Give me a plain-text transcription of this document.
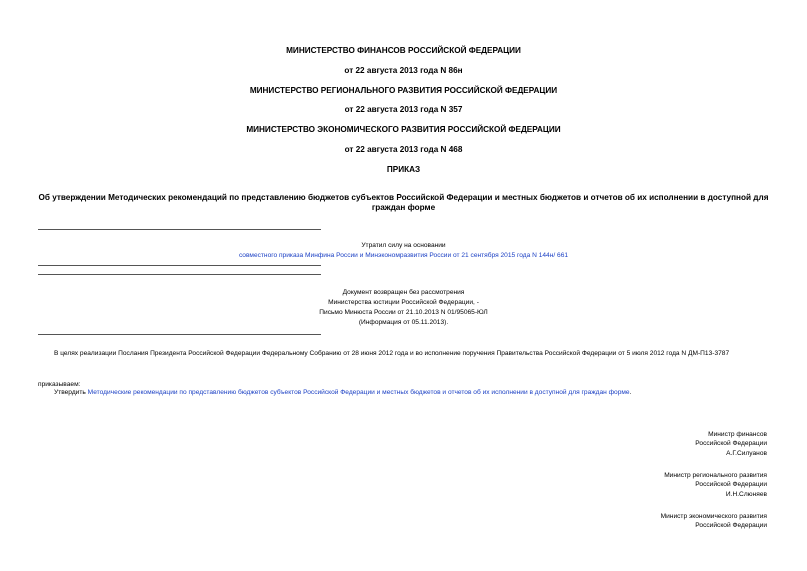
МИНИСТЕРСТВО ФИНАНСОВ РОССИЙСКОЙ ФЕДЕРАЦИИ
от 22 августа 2013 года N 86н
МИНИСТЕРСТВО РЕГИОНАЛЬНОГО РАЗВИТИЯ РОССИЙСКОЙ ФЕДЕРАЦИИ
от 22 августа 2013 года N 357
МИНИСТЕРСТВО ЭКОНОМИЧЕСКОГО РАЗВИТИЯ РОССИЙСКОЙ ФЕДЕРАЦИИ
от 22 августа 2013 года N 468
ПРИКАЗ
Об утверждении Методических рекомендаций по представлению бюджетов субъектов Российской Федерации и местных бюджетов и отчетов об их исполнении в доступной для граждан форме
Утратил силу на основании
совместного приказа Минфина России и Минэкономразвития России от 21 сентября 2015 года N 144н/ 661
Документ возвращен без рассмотрения
Министерства юстиции Российской Федерации, -
Письмо Минюста России от 21.10.2013 N 01/95065-ЮЛ
(Информация от 05.11.2013).
В целях реализации Послания Президента Российской Федерации Федеральному Собранию от 28 июня 2012 года и во исполнение поручения Правительства Российской Федерации от 5 июля 2012 года N ДМ-П13-3787
приказываем:
Утвердить Методические рекомендации по представлению бюджетов субъектов Российской Федерации и местных бюджетов и отчетов об их исполнении в доступной для граждан форме.
Министр финансов
Российской Федерации
А.Г.Силуанов
Министр регионального развития
Российской Федерации
И.Н.Слюняев
Министр экономического развития
Российской Федерации
